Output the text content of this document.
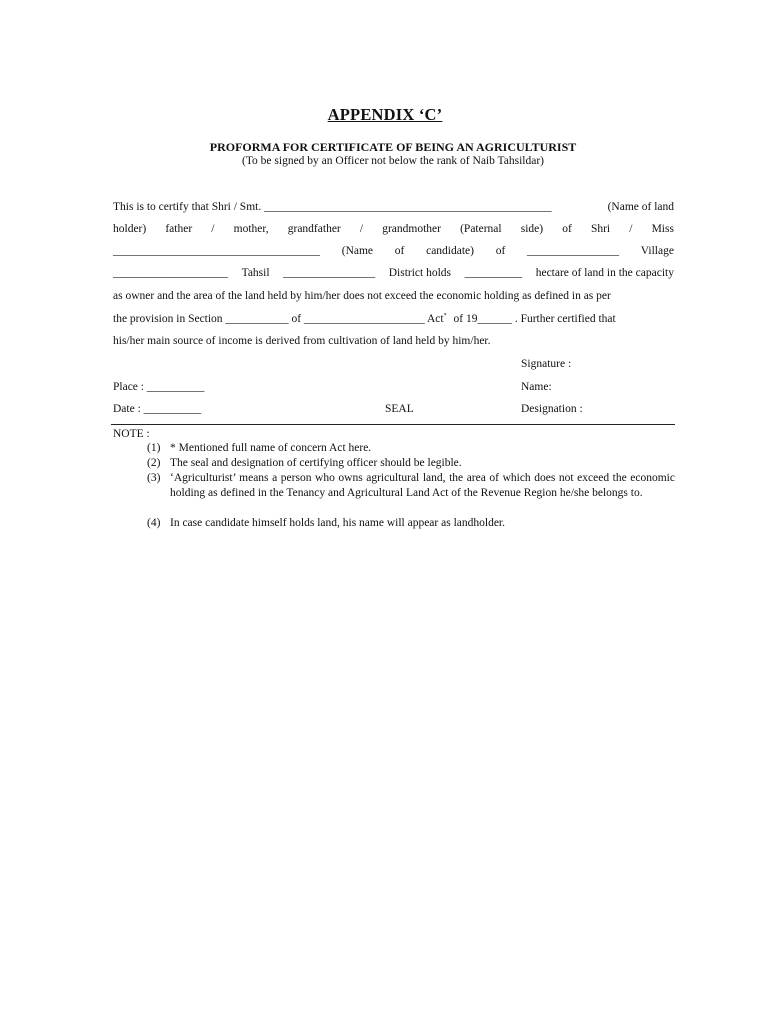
APPENDIX ‘C’
PROFORMA FOR CERTIFICATE OF BEING AN AGRICULTURIST
(To be signed by an Officer not below the rank of Naib Tahsildar)
This is to certify that Shri / Smt. __________________________________________________	(Name of land
holder) father / mother, grandfather / grandmother (Paternal side) of Shri / Miss
____________________________________ (Name of candidate) of ________________ Village
____________________ Tahsil ________________ District holds __________ hectare of land in the capacity
as owner and the area of the land held by him/her does not exceed the economic holding as defined in as per
the provision in Section ___________ of _____________________ Act* of 19______ . Further certified that
his/her main source of income is derived from cultivation of land held by him/her.
Signature :
Place : __________	Name:
Date : __________	SEAL	Designation :
NOTE :
(1) * Mentioned full name of concern Act here.
(2) The seal and designation of certifying officer should be legible.
(3) ‘Agriculturist’ means a person who owns agricultural land, the area of which does not exceed the economic holding as defined in the Tenancy and Agricultural Land Act of the Revenue Region he/she belongs to.
(4) In case candidate himself holds land, his name will appear as landholder.
